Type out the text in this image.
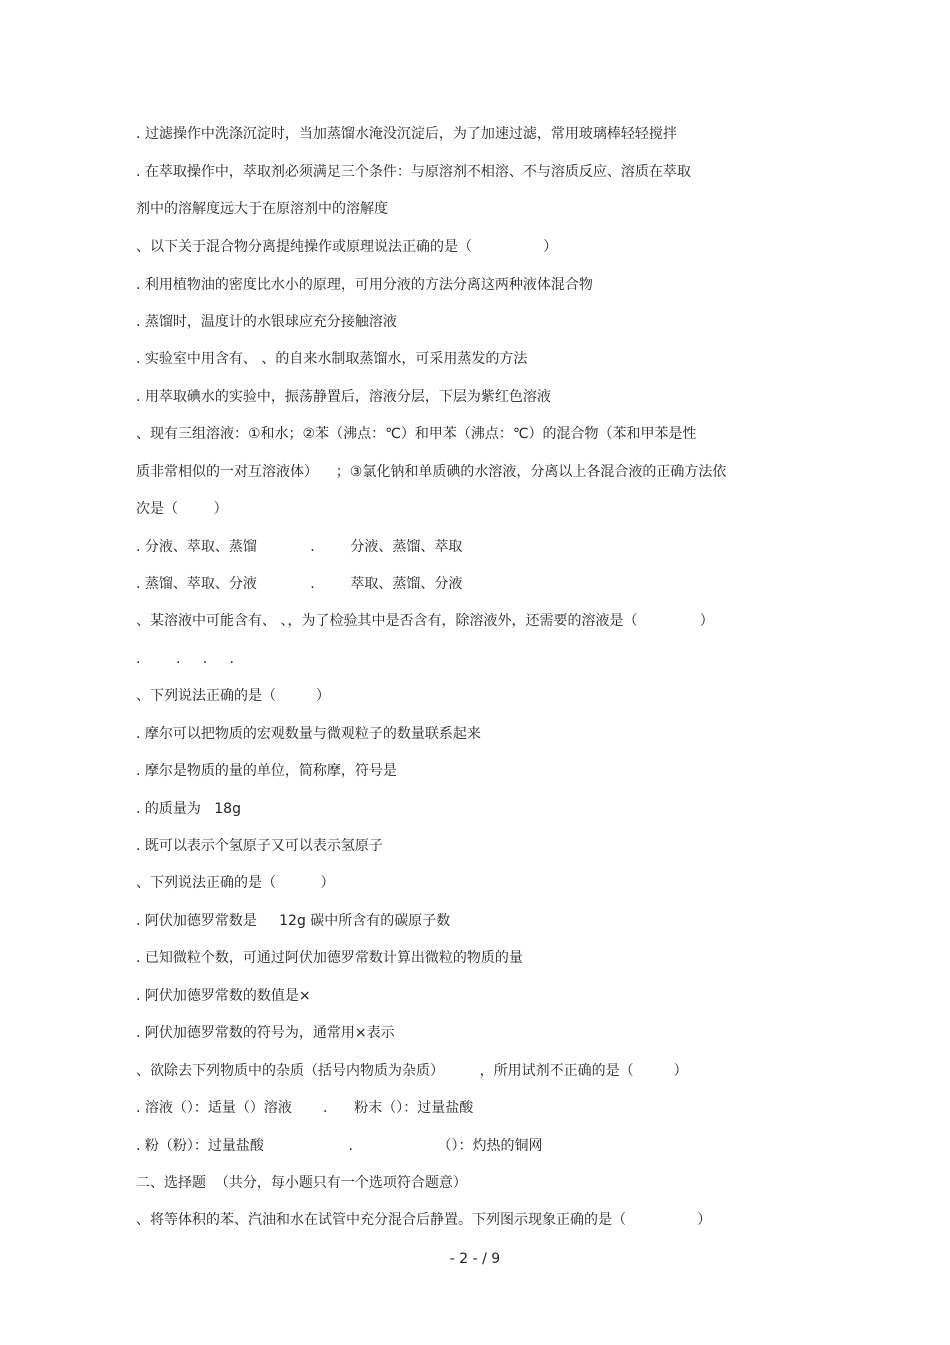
. 过滤操作中洗涤沉淀时，当加蒸馏水淹没沉淀后，为了加速过滤，常用玻璃棒轻轻搅拌
. 在萃取操作中，萃取剂必须满足三个条件：与原溶剂不相溶、不与溶质反应、溶质在萃取
剂中的溶解度远大于在原溶剂中的溶解度
、以下关于混合物分离提纯操作或原理说法正确的是（                ）
. 利用植物油的密度比水小的原理，可用分液的方法分离这两种液体混合物
. 蒸馏时，温度计的水银球应充分接触溶液
. 实验室中用含有、 、的自来水制取蒸馏水，可采用蒸发的方法
. 用萃取碘水的实验中，振荡静置后，溶液分层，下层为紫红色溶液
、现有三组溶液：①和水；②苯（沸点：℃）和甲苯（沸点：℃）的混合物（苯和甲苯是性
质非常相似的一对互溶液体）    ；③氯化钠和单质碘的水溶液，分离以上各混合液的正确方法依
次是（        ）
. 分液、萃取、蒸馏            .        分液、蒸馏、萃取
. 蒸馏、萃取、分液            .        萃取、蒸馏、分液
、某溶液中可能含有、 、，为了检验其中是否含有，除溶液外，还需要的溶液是（              ）
.        .     .     .
、下列说法正确的是（         ）
. 摩尔可以把物质的宏观数量与微观粒子的数量联系起来
. 摩尔是物质的量的单位，简称摩，符号是
. 的质量为   18g
. 既可以表示个氢原子又可以表示氢原子
、下列说法正确的是（          ）
. 阿伏加德罗常数是     12g 碳中所含有的碳原子数
. 已知微粒个数，可通过阿伏加德罗常数计算出微粒的物质的量
. 阿伏加德罗常数的数值是×
. 阿伏加德罗常数的符号为，通常用×表示
、欲除去下列物质中的杂质（括号内物质为杂质）        ，所用试剂不正确的是（         ）
. 溶液（）：适量（）溶液       .      粉末（）：过量盐酸
. 粉（粉）：过量盐酸                   .                   （）：灼热的铜网
二、选择题  （共分，每小题只有一个选项符合题意）
、将等体积的苯、汽油和水在试管中充分混合后静置。下列图示现象正确的是（                ）
- 2 - / 9
